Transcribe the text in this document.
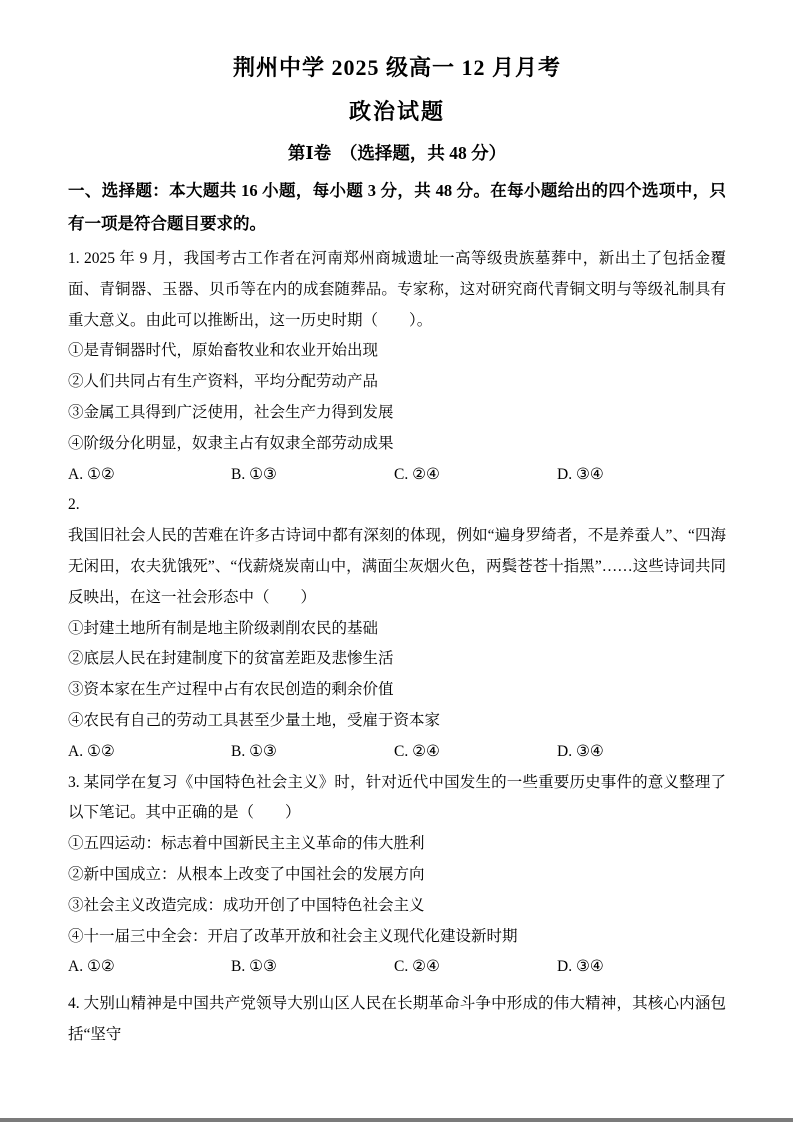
荆州中学 2025 级高一 12 月月考
政治试题
第Ⅰ卷　（选择题，共 48 分）

一、选择题：本大题共 16 小题，每小题 3 分，共 48 分。在每小题给出的四个选项中，只有一项是符合题目要求的。

1. 2025 年 9 月，我国考古工作者在河南郑州商城遗址一高等级贵族墓葬中，新出土了包括金覆面、青铜器、玉器、贝币等在内的成套随葬品。专家称，这对研究商代青铜文明与等级礼制具有重大意义。由此可以推断出，这一历史时期（　　）。

①是青铜器时代，原始畜牧业和农业开始出现

②人们共同占有生产资料，平均分配劳动产品

③金属工具得到广泛使用，社会生产力得到发展

④阶级分化明显，奴隶主占有奴隶全部劳动成果

A. ①②	B. ①③	C. ②④	D. ③④

2.

我国旧社会人民的苦难在许多古诗词中都有深刻的体现，例如“遍身罗绮者，不是养蚕人”、“四海无闲田，农夫犹饿死”、“伐薪烧炭南山中，满面尘灰烟火色，两鬓苍苍十指黑”……这些诗词共同反映出，在这一社会形态中（　　）

①封建土地所有制是地主阶级剥削农民的基础

②底层人民在封建制度下的贫富差距及悲惨生活

③资本家在生产过程中占有农民创造的剩余价值

④农民有自己的劳动工具甚至少量土地，受雇于资本家

A. ①②	B. ①③	C. ②④	D. ③④

3. 某同学在复习《中国特色社会主义》时，针对近代中国发生的一些重要历史事件的意义整理了以下笔记。其中正确的是（　　）

①五四运动：标志着中国新民主主义革命的伟大胜利

②新中国成立：从根本上改变了中国社会的发展方向

③社会主义改造完成：成功开创了中国特色社会主义

④十一届三中全会：开启了改革开放和社会主义现代化建设新时期

A. ①②	B. ①③	C. ②④	D. ③④

4. 大别山精神是中国共产党领导大别山区人民在长期革命斗争中形成的伟大精神，其核心内涵包括“坚守
